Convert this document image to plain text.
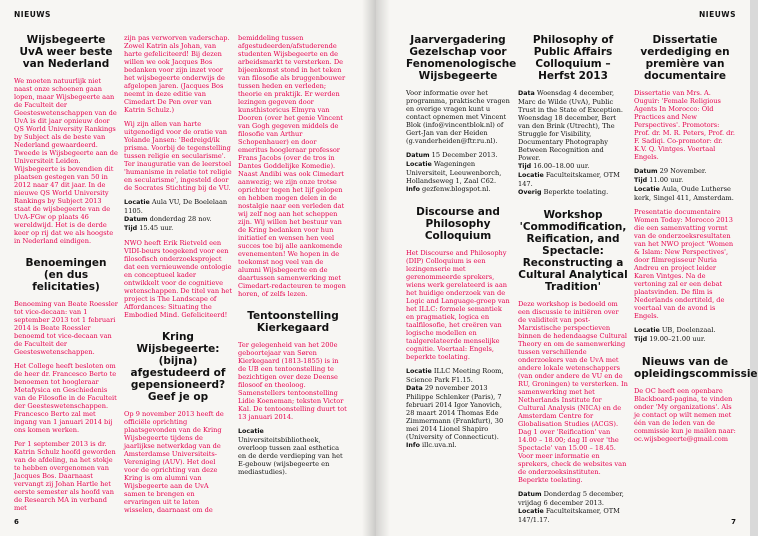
NIEUWS
Wijsbegeerte UvA weer beste van Nederland

We moeten natuurlijk niet naast onze schoenen gaan lopen, maar Wijsbegeerte aan de Faculteit der Geesteswetenschappen van de UvA is dit jaar opnieuw door QS World University Rankings by Subject als de beste van Nederland gewaardeerd. Tweede is Wijsbegeerte aan de Universiteit Leiden. Wijsbegeerte is bovendien dit plaatsen gestegen van 50 in 2012 naar 47 dit jaar. In de nieuwe QS World University Rankings by Subject 2013 staat de wijsbegeerte van de UvA-FGw op plaats 46 wereldwijd. Het is de derde keer op rij dat we als hoogste in Nederland eindigen.

Benoemingen (en dus felicitaties)

Benoeming van Beate Roessler tot vice-decaan: van 1 september 2013 tot 1 februari 2014 is Beate Roessler benoemd tot vice-decaan van de Faculteit der Geesteswetenschappen.

Het College heeft besloten om de heer dr. Francesco Berto te benoemen tot hoogleraar Metafysica en Geschiedenis van de Filosofie in de Faculteit der Geesteswetenschappen. Francesco Berto zal met ingang van 1 januari 2014 bij ons komen werken.

Per 1 september 2013 is dr. Katrin Schulz hoofd geworden van de afdeling, na het stokje te hebben overgenomen van Jacques Bos. Daarnaast vervangt zij Johan Hartle het eerste semester als hoofd van de Research MA in verband met

zijn pas verworven vaderschap. Zowel Katrin als Johan, van harte gefeliciteerd! Bij dezen willen we ook Jacques Bos bedanken voor zijn inzet voor het wijsbegeerte onderwijs de afgelopen jaren. (Jacques Bos neemt in deze editie van Cimedart De Pen over van Katrin Schulz.)

Wij zijn allen van harte uitgenodigd voor de oratie van Yolande Jansen: 'Bedreigd/ik prisma. Voorbij de tegenstelling tussen religie en secularisme'. Ter inauguratie van de leerstoel 'humanisme in relatie tot religie en secularisme', ingesteld door de Socrates Stichting bij de VU.

Locatie Aula VU, De Boelelaan 1105.
Datum donderdag 28 nov.
Tijd 15.45 uur.

NWO heeft Erik Rietveld een VIDI-beurs toegekend voor een filosofisch onderzoeksproject dat een vernieuwende ontologie en conceptueel kader ontwikkelt voor de cognitieve wetenschappen. De titel van het project is The Landscape of Affordances: Situating the Embodied Mind. Gefeliciteerd!

Kring Wijsbegeerte: (bijna) afgestudeerd of gepensioneerd? Geef je op

Op 9 november 2013 heeft de officiële oprichting plaatsgevonden van de Kring Wijsbegeerte tijdens de jaarlijkse netwerkdag van de Amsterdamse Universiteits-Vereniging (AUV). Het doel voor de oprichting van deze Kring is om alumni van Wijsbegeerte aan de UvA samen te brengen en ervaringen uit te laten wisselen, daarnaast om de

bemiddeling tussen afgestudeerden/afstuderende studenten Wijsbegeerte en de arbeidsmarkt te versterken. De bijeenkomst stond in het teken van filosofie als bruggenbouwer tussen heden en verleden; theorie en praktijk. Er werden lezingen gegeven door kunsthistoricus Elmyra van Dooren (over het genie Vincent van Gogh gegeven middels de filosofie van Arthur Schopenhauer) en door emeritus hoogleraar professor Frans Jacobs (over de tros in Dantes Goddelijke Komedie). Naast Andibi was ook Cimedart aanwezig; we zijn onze trotse oprichter tegen het lijf gelopen en hebben mogen delen in de nostalgie naar een verleden dat wij zelf nog aan het scheppen zijn. Wij willen het bestuur van de Kring bedanken voor hun initiatief en wensen hen veel succes toe bij alle aankomende evenementen! We hopen in de toekomst nog veel van de alumni Wijsbegeerte en de daartussen samenwerking met Cimedart-redacteuren te mogen horen, of zelfs lezen.

Tentoonstelling Kierkegaard

Ter gelegenheid van het 200e geboortejaar van Søren Kierkegaard (1813-1855) is in de UB een tentoonstelling te bezichtigen over deze Deense filosoof en theoloog. Samenstellers tentoonstelling Lidie Koeneman; teksten Victor Kal. De tentoonstelling duurt tot 13 januari 2014.

Locatie Universiteitsbibliotheek, overloop tussen zaal esthetica en de derde verdieping van het E-gebouw (wijsbegeerte en mediastudies).
6
NIEUWS
Jaarvergadering Gezelschap voor Fenomenologische Wijsbegeerte

Voor informatie over het programma, praktische vragen en overige vragen kunt u contact opnemen met Vincent Blok (info@vincentblok.nl) of Gert-Jan van der Heiden (g.vanderheiden@ftr.ru.nl).

Datum 15 December 2013.
Locatie Wageningen Universiteit, Leeuwenborch, Hollandseweg 1, Zaal C62.
Info gezfenw.blogspot.nl.
Discourse and Philosophy Colloquium

Het Discourse and Philosophy (DIP) Colloquium is een lezingenserie met gerenommeerde sprekers, wiens werk gerelateerd is aan het huidige onderzoek van de Logic and Language-groep van het ILLC: formele semantiek en pragmatiek, logica en taalfilosofie, het creëren van logische modellen en taalgerelateerde menselijke cognitie. Voertaal: Engels, beperkte toelating.

Locatie ILLC Meeting Room, Science Park F1.15.
Data 29 november 2013 Philippe Schlenker (Paris), 7 februari 2014 Igor Yanovich, 28 maart 2014 Thomas Ede Zimmermann (Frankfurt), 30 mei 2014 Lionel Shapiro (University of Connecticut).
Info illc.uva.nl.
Philosophy of Public Affairs Colloquium – Herfst 2013
Data Woensdag 4 december, Marc de Wilde (UvA), Public Trust in the State of Exception. Woensdag 18 december, Bert van den Brink (Utrecht), The Struggle for Visibility, Documentary Photography Between Recognition and Power.
Tijd 16.00–18.00 uur.
Locatie Faculteitskamer, OTM 147.
Overig Beperkte toelating.
Workshop 'Commodification, Reification, and Spectacle: Reconstructing a Cultural Analytical Tradition'

Deze workshop is bedoeld om een discussie te initiëren over de validiteit van post-Marxistische perspectieven binnen de hedendaagse Cultural Theory en om de samenwerking tussen verschillende onderzoekers van de UvA met andere lokale wetenschappers (van onder andere de VU en de RU, Groningen) te versterken. In samenwerking met het Netherlands Institute for Cultural Analysis (NICA) en de Amsterdam Centre for Globalisation Studies (ACGS). Dag 1 over 'Reification' van 14.00 – 18.00; dag II over 'the Spectacle' van 15.00 – 18.45. Voor meer informatie en sprekers, check de websites van de onderzoeksinstituten. Beperkte toelating.

Datum Donderdag 5 december, vrijdag 6 december 2013.
Locatie Faculteitskamer, OTM 147/1.17.
Dissertatie verdediging en première van documentaire

Dissertatie van Mrs. A. Ouguir: 'Female Religious Agents In Morocco: Old Practices and New Perspectives'. Promotors: Prof. dr. M. R. Peters, Prof. dr. F. Sadiqi. Co-promotor: dr. K.V. Q. Vintges. Voertaal Engels.

Datum 29 November.
Tijd 11.00 uur.
Locatie Aula, Oude Lutherse kerk, Singel 411, Amsterdam.

Presentatie documentaire Women Today: Morocco 2013 die een samenvatting vormt van de onderzoeksresultaten van het NWO project 'Women & Islam: New Perspectives', door filmregisseur Nuria Andreu en project leider Karen Vintges. Na de vertoning zal er een debat plaatsvinden. De film is Nederlands ondertiteld, de voertaal van de avond is Engels.

Locatie UB, Doelenzaal.
Tijd 19.00–21.00 uur.
Nieuws van de opleidingscommissie

De OC heeft een openbare Blackboard-pagina, te vinden onder 'My organizations'. Als je contact op wilt nemen met één van de leden van de commissie kun je mailen naar: oc.wijsbegeerte@gmail.com

7
